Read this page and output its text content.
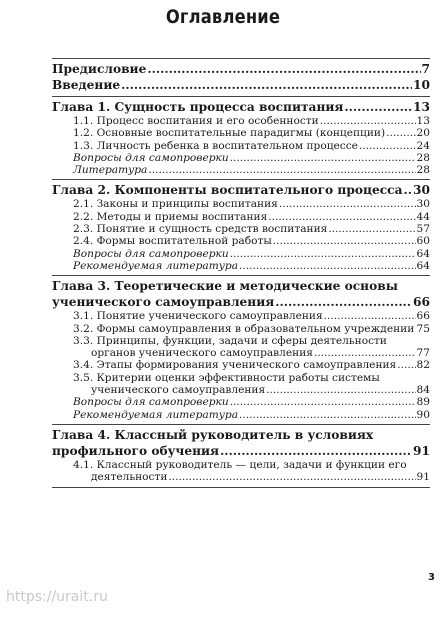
Оглавление
Предисловие .....	7
Введение .....	10
Глава 1. Сущность процесса воспитания .....	13
1.1. Процесс воспитания и его особенности .....	13
1.2. Основные воспитательные парадигмы (концепции) .....	20
1.3. Личность ребенка в воспитательном процессе .....	24
Вопросы для самопроверки .....	28
Литература .....	28
Глава 2. Компоненты воспитательного процесса ..... 30
2.1. Законы и принципы воспитания .....	30
2.2. Методы и приемы воспитания .....	44
2.3. Понятие и сущность средств воспитания .....	57
2.4. Формы воспитательной работы .....	60
Вопросы для самопроверки .....	64
Рекомендуемая литература .....	64
Глава 3. Теоретические и методические основы
ученического самоуправления .....	66
3.1. Понятие ученического самоуправления .....	66
3.2. Формы самоуправления в образовательном учреждении ..... 75
3.3. Принципы, функции, задачи и сферы деятельности
органов ученического самоуправления .....	77
3.4. Этапы формирования ученического самоуправления ..... 82
3.5. Критерии оценки эффективности работы системы
ученического самоуправления .....	84
Вопросы для самопроверки .....	89
Рекомендуемая литература .....	90
Глава 4. Классный руководитель в условиях
профильного обучения .....	91
4.1. Классный руководитель — цели, задачи и функции его
деятельности .....	91
3
https://urait.ru
